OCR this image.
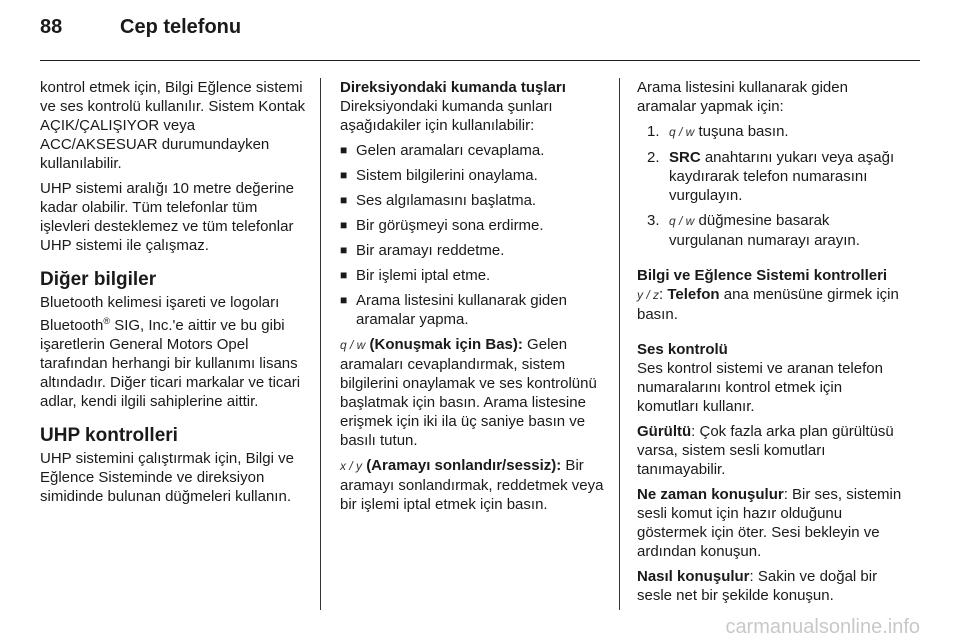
88	Cep telefonu

kontrol etmek için, Bilgi Eğlence sistemi ve ses kontrolü kullanılır. Sistem Kontak AÇIK/ÇALIŞIYOR veya ACC/AKSESUAR durumundayken kullanılabilir.

UHP sistemi aralığı 10 metre değerine kadar olabilir. Tüm telefonlar tüm işlevleri desteklemez ve tüm telefonlar UHP sistemi ile çalışmaz.

Diğer bilgiler

Bluetooth kelimesi işareti ve logoları Bluetooth® SIG, Inc.'e aittir ve bu gibi işaretlerin General Motors Opel tarafından herhangi bir kullanımı lisans altındadır. Diğer ticari markalar ve ticari adlar, kendi ilgili sahiplerine aittir.

UHP kontrolleri

UHP sistemini çalıştırmak için, Bilgi ve Eğlence Sisteminde ve direksiyon simidinde bulunan düğmeleri kullanın.

Direksiyondaki kumanda tuşları

Direksiyondaki kumanda şunları aşağıdakiler için kullanılabilir:

■ Gelen aramaları cevaplama.
■ Sistem bilgilerini onaylama.
■ Ses algılamasını başlatma.
■ Bir görüşmeyi sona erdirme.
■ Bir aramayı reddetme.
■ Bir işlemi iptal etme.
■ Arama listesini kullanarak giden aramalar yapma.

q / w (Konuşmak için Bas): Gelen aramaları cevaplandırmak, sistem bilgilerini onaylamak ve ses kontrolünü başlatmak için basın. Arama listesine erişmek için iki ila üç saniye basın ve basılı tutun.

x / y (Aramayı sonlandır/sessiz): Bir aramayı sonlandırmak, reddetmek veya bir işlemi iptal etmek için basın.

Arama listesini kullanarak giden aramalar yapmak için:

1. q / w tuşuna basın.
2. SRC anahtarını yukarı veya aşağı kaydırarak telefon numarasını vurgulayın.
3. q / w düğmesine basarak vurgulanan numarayı arayın.
Bilgi ve Eğlence Sistemi kontrolleri

y / z: Telefon ana menüsüne girmek için basın.

Ses kontrolü

Ses kontrol sistemi ve aranan telefon numaralarını kontrol etmek için komutları kullanır.

Gürültü: Çok fazla arka plan gürültüsü varsa, sistem sesli komutları tanımayabilir.

Ne zaman konuşulur: Bir ses, sistemin sesli komut için hazır olduğunu göstermek için öter. Sesi bekleyin ve ardından konuşun.

Nasıl konuşulur: Sakin ve doğal bir sesle net bir şekilde konuşun.

carmanualsonline.info
